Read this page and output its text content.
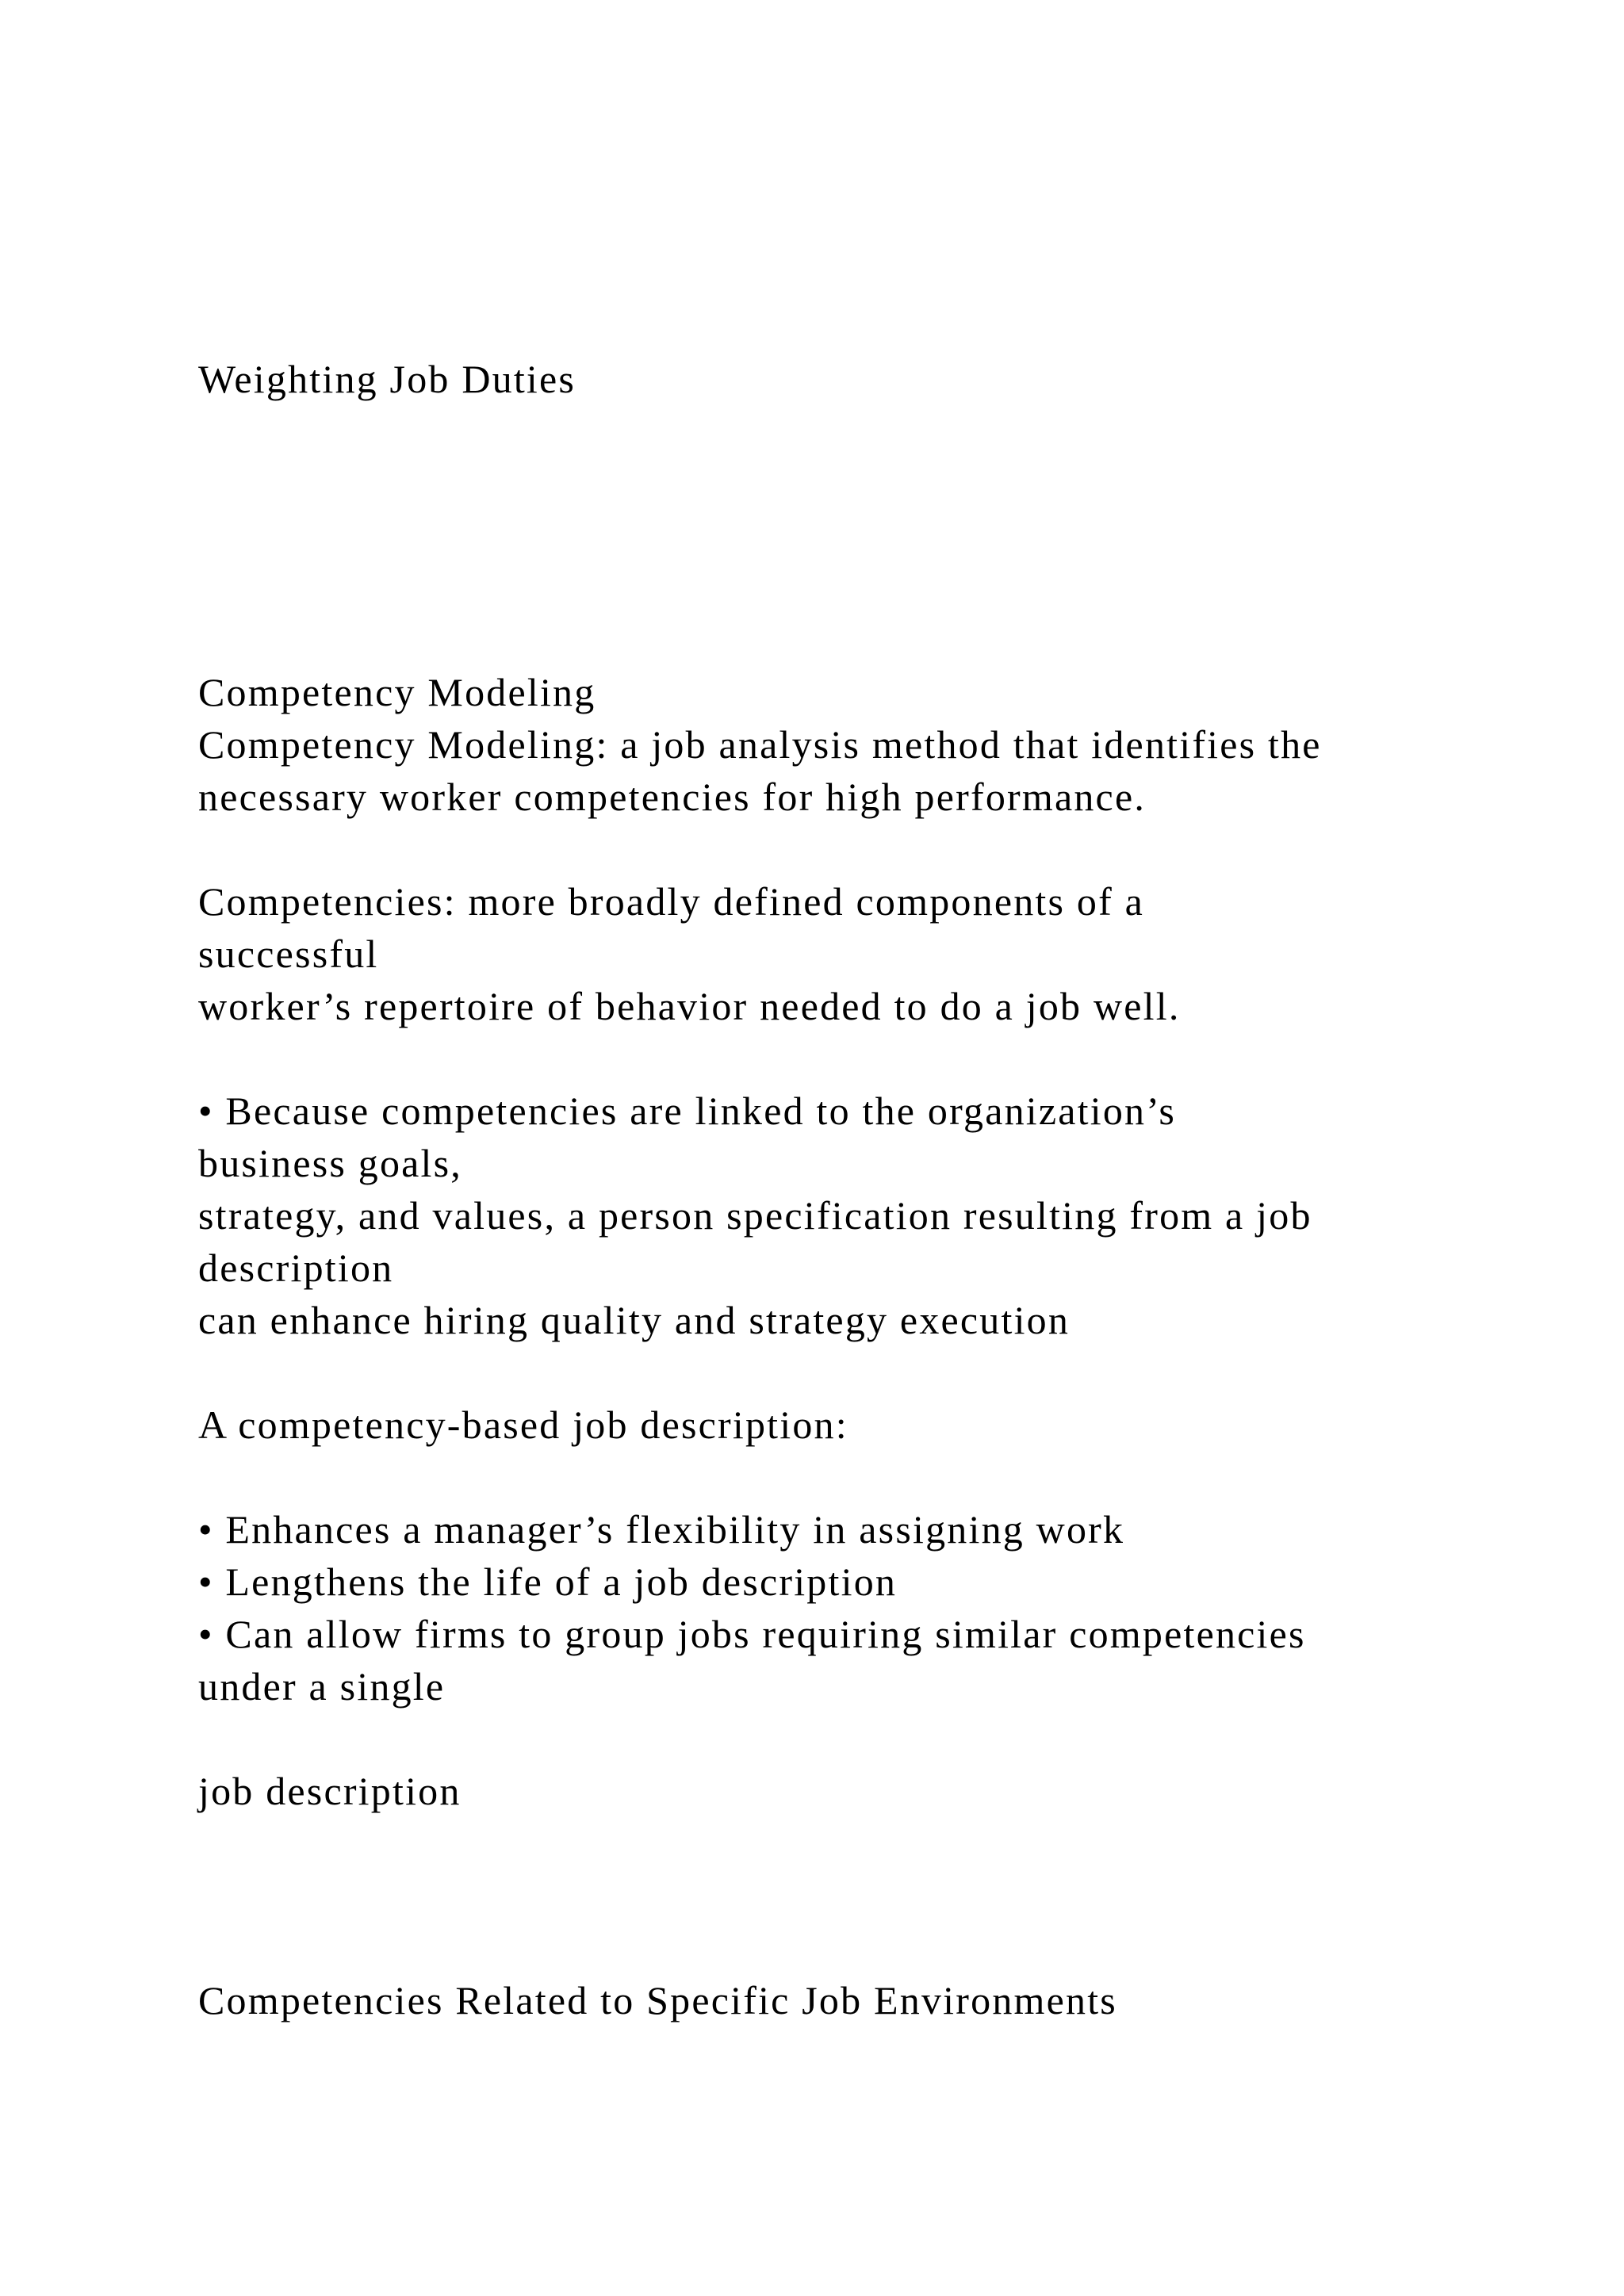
Weighting Job Duties

Competency Modeling

Competency Modeling: a job analysis method that identifies the

necessary worker competencies for high performance.

Competencies: more broadly defined components of a

successful

worker’s repertoire of behavior needed to do a job well.

• Because competencies are linked to the organization’s

business goals,

strategy, and values, a person specification resulting from a job

description

can enhance hiring quality and strategy execution

A competency-based job description:

• Enhances a manager’s flexibility in assigning work

• Lengthens the life of a job description

• Can allow firms to group jobs requiring similar competencies

under a single

job description

Competencies Related to Specific Job Environments
